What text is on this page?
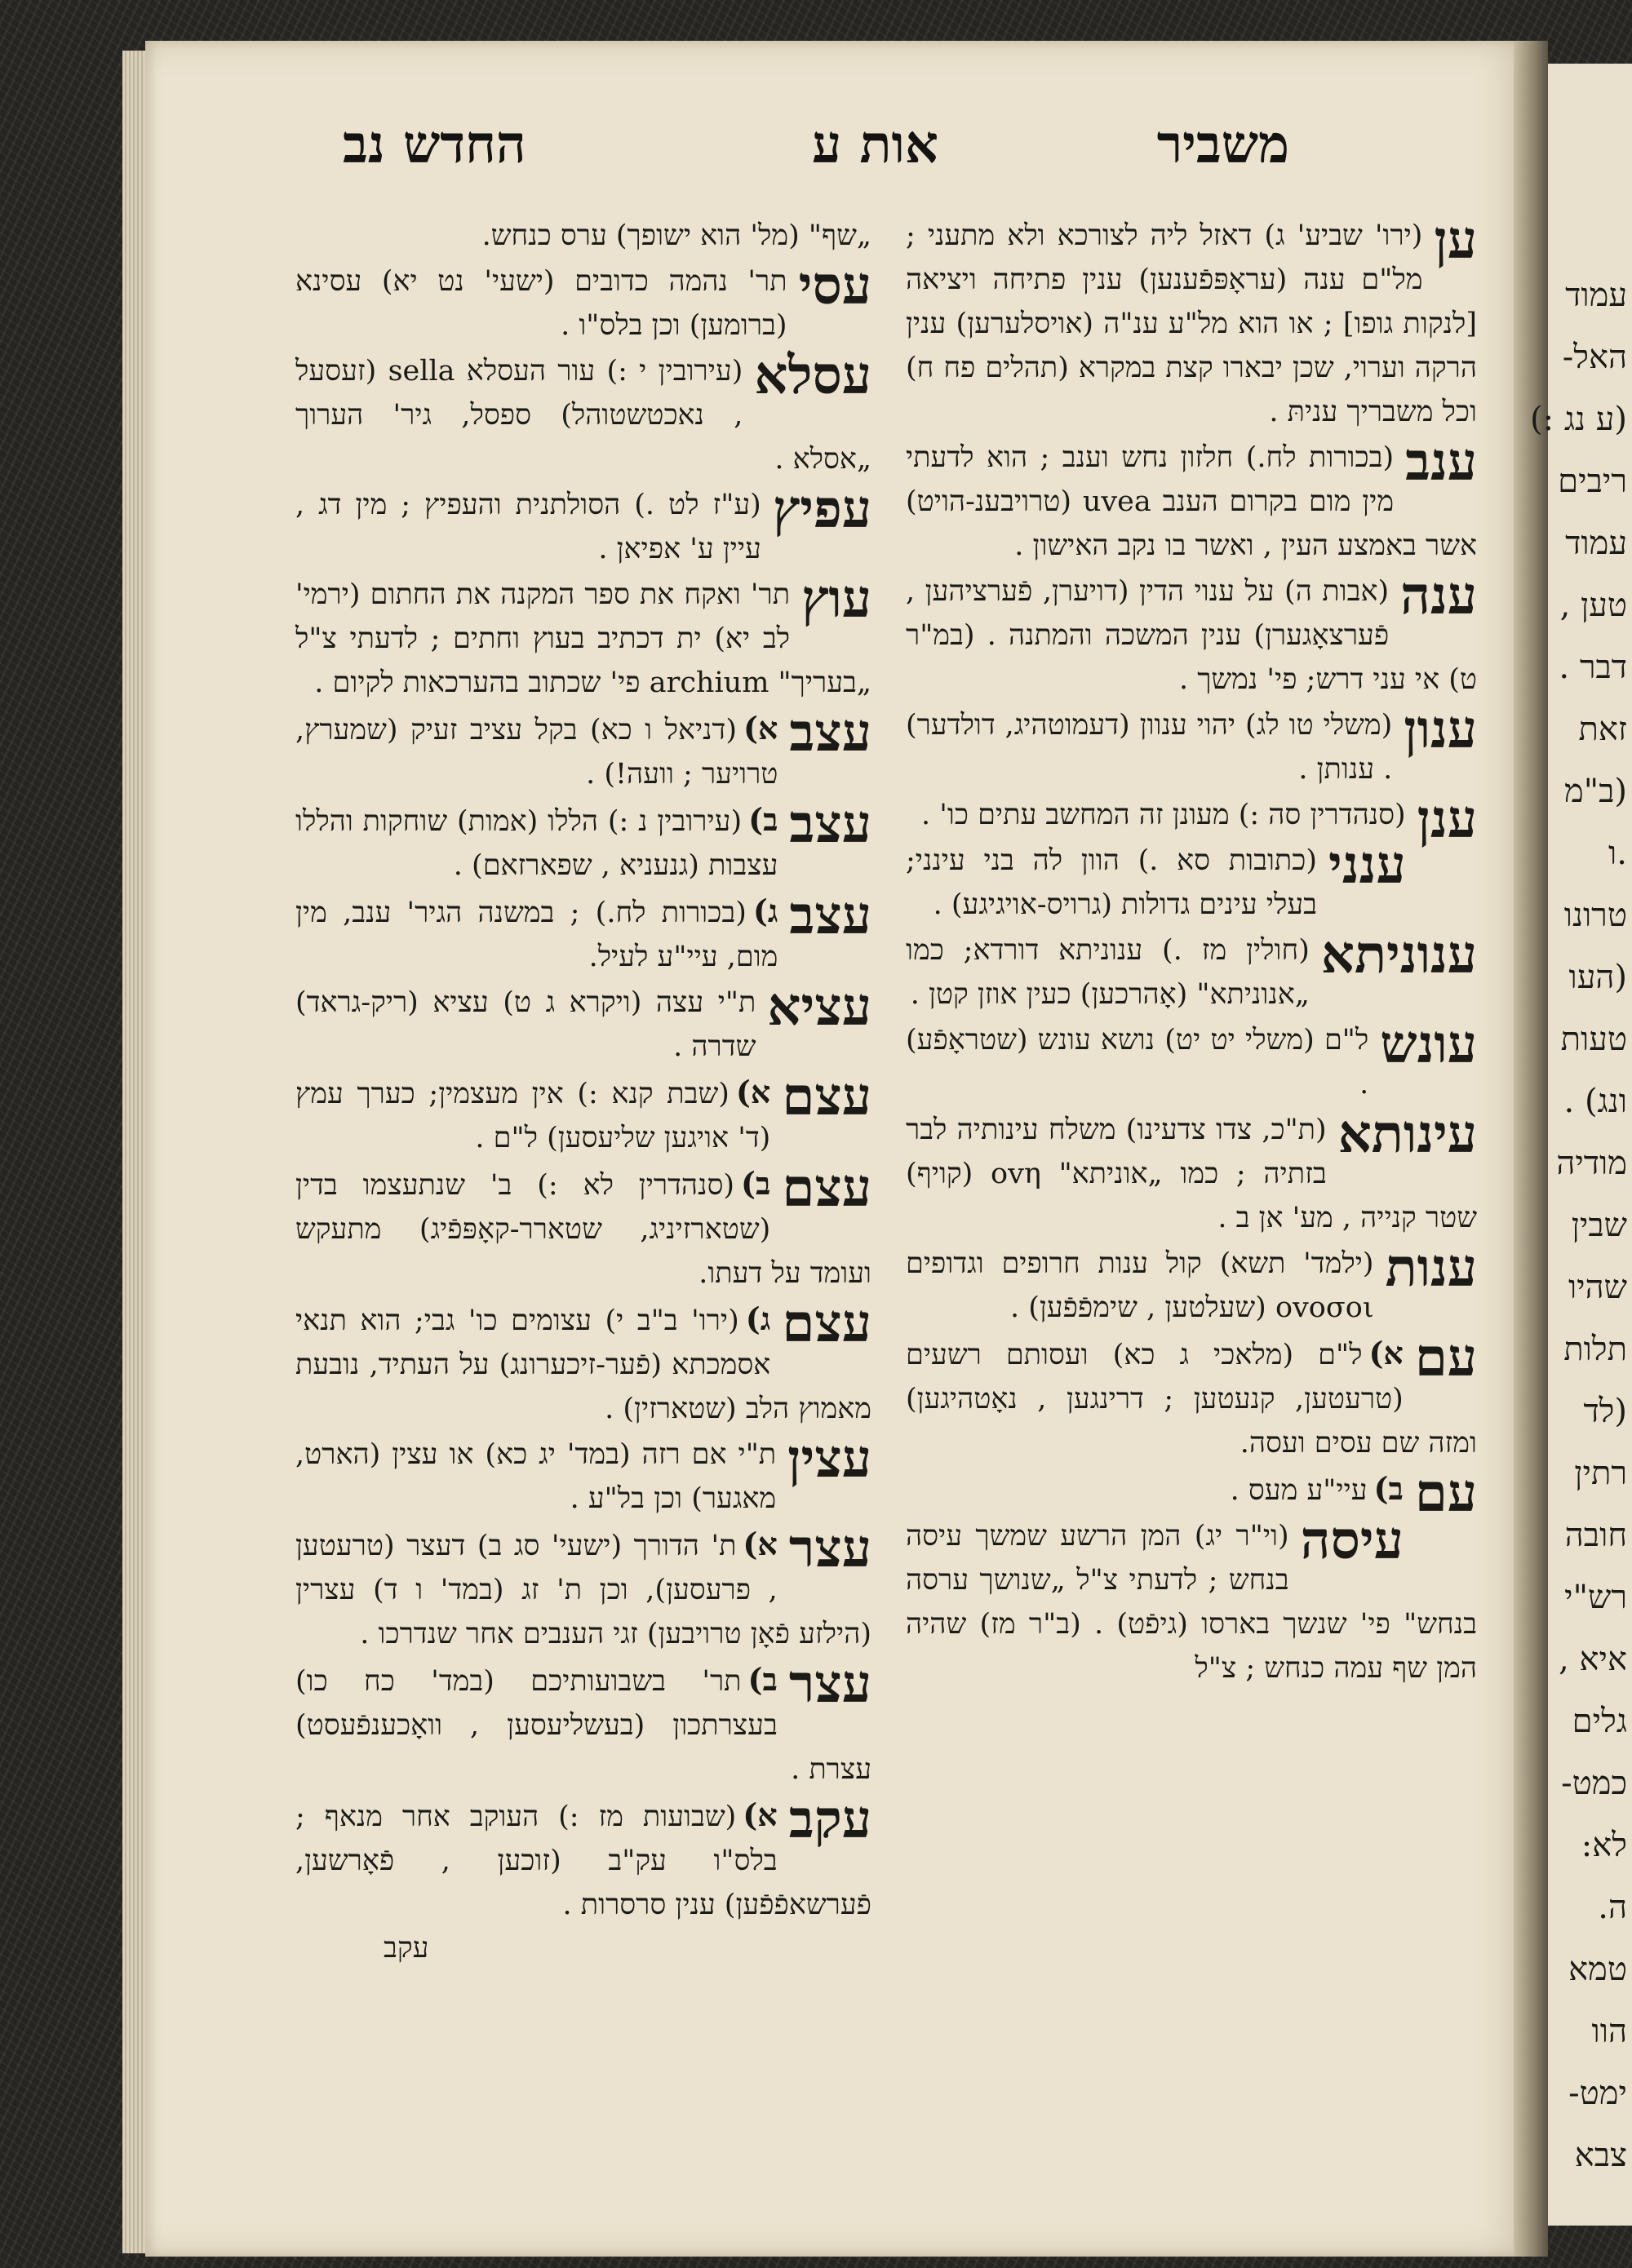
עמוד
האל-
(ע נג :)
ריבים
עמוד
טען ,
דבר .
זאת
(ב"מ
.ו
טרונו
(העו
טעות
ונג) .
מודיה
שבין
שהיו
תלות
(לד
רתין
חובה
רש"י
איא ,
גלים
כמט-
לא:
ה.
טמא
הוו
ימט-
צבא
משביר
אות ע
החדש נב
ען
(ירו' שביע' ג) דאזל ליה לצורכא ולא מתעני ; מל"ם ענה (עראָפּפֿענען) ענין פתיחה ויציאה [לנקות גופו] ; או הוא מל"ע ענ"ה (אויסלערען) ענין הרקה וערוי, שכן יבארו קצת במקרא (תהלים פח ח) וכל משבריך עניתּ .
ענב
(בכורות לח.) חלזון נחש וענב ; הוא לדעתי מין מום בקרום הענב uvea (טרויבענ-הויט) אשר באמצע העין , ואשר בו נקב האישון .
ענה
(אבות ה) על ענוי הדין (דויערן, פֿערציהען , פֿערצאָגערן) ענין המשכה והמתנה . (במ"ר ט) אי עני דרש; פי' נמשך .
ענון
(משלי טו לג) יהוי ענוון (דעמוטהיג, דולדער) . ענותן .
ענן
(סנהדרין סה :) מעונן זה המחשב עתים כו' .
ענני
(כתובות סא .) הוון לה בני עינני; בעלי עינים גדולות (גרויס-אויגיגע) .
ענוניתא
(חולין מז .) ענוניתא דורדא; כמו „אנוניתא" (אָהרכען) כעין אוזן קטן .
עונש
ל"ם (משלי יט יט) נושא עונש (שטראָפֿע) .
עינותא
(ת"כ, צדו צדעינו) משלח עינותיה לבר בזתיה ; כמו „אוניתא" ovη (קויף) שטר קנייה , מע' אן ב .
ענות
(ילמד' תשא) קול ענות חרופים וגדופים ovoσoι (שעלטען , שימפֿפֿען) .
א) עם
ל"ם (מלאכי ג כא) ועסותם רשעים (טרעטען, קנעטען ; דרינגען , נאָטהיגען) ומזה שם עסים ועסה.
ב) עם
עיי"ע מעס .
עיסה
(וי"ר יג) המן הרשע שמשך עיסה בנחש ; לדעתי צ"ל „שנושך ערסה בנחש" פי' שנשך בארסו (גיפֿט) . (ב"ר מז) שהיה המן שף עמה כנחש ; צ"ל
„שף" (מל' הוא ישופך) ערס כנחש.
עסי
תר' נהמה כדובים (ישעי' נט יא) עסינא (ברומען) וכן בלס"ו .
עסלא
(עירובין י :) עור העסלא sella (זעסעל , נאכטשטוהל) ספסל, גיר' הערוך „אסלא .
עפיץ
(ע"ז לט .) הסולתנית והעפיץ ; מין דג , עיין ע' אפיאן .
עוץ
תר' ואקח את ספר המקנה את החתום (ירמי' לב יא) ית דכתיב בעוץ וחתים ; לדעתי צ"ל „בעריך" archium פי' שכתוב בהערכאות לקיום .
א) עצב
(דניאל ו כא) בקל עציב זעיק (שמערץ, טרויער ; וועה!) .
ב) עצב
(עירובין נ :) הללו (אמות) שוחקות והללו עצבות (גנעניא , שפארזאם) .
ג) עצב
(בכורות לח.) ; במשנה הגיר' ענב, מין מום, עיי"ע לעיל.
עציא
ת"י עצה (ויקרא ג ט) עציא (ריק-גראד) שדרה .
א) עצם
(שבת קנא :) אין מעצמין; כערך עמץ (ד' אויגען שליעסען) ל"ם .
ב) עצם
(סנהדרין לא :) ב' שנתעצמו בדין (שטארזיניג, שטארר-קאָפּפֿיג) מתעקש ועומד על דעתו.
ג) עצם
(ירו' ב"ב י) עצומים כו' גבי; הוא תנאי אסמכתא (פֿער-זיכערונג) על העתיד, נובעת מאמוץ הלב (שטארזין) .
עצין
ת"י אם רזה (במד' יג כא) או עצין (הארט, מאגער) וכן בל"ע .
א) עצר
ת' הדורך (ישעי' סג ב) דעצר (טרעטען , פרעסען), וכן ת' זג (במד' ו ד) עצרין (הילזע פֿאָן טרויבען) זגי הענבים אחר שנדרכו .
ב) עצר
תר' בשבועותיכם (במד' כח כו) בעצרתכון (בעשליעסען , וואָכענפֿעסט) עצרת .
א) עקב
(שבועות מז :) העוקב אחר מנאף ; בלס"ו עק"ב (זוכען , פֿאָרשען, פֿערשאפֿפֿען) ענין סרסרות .
עקב
